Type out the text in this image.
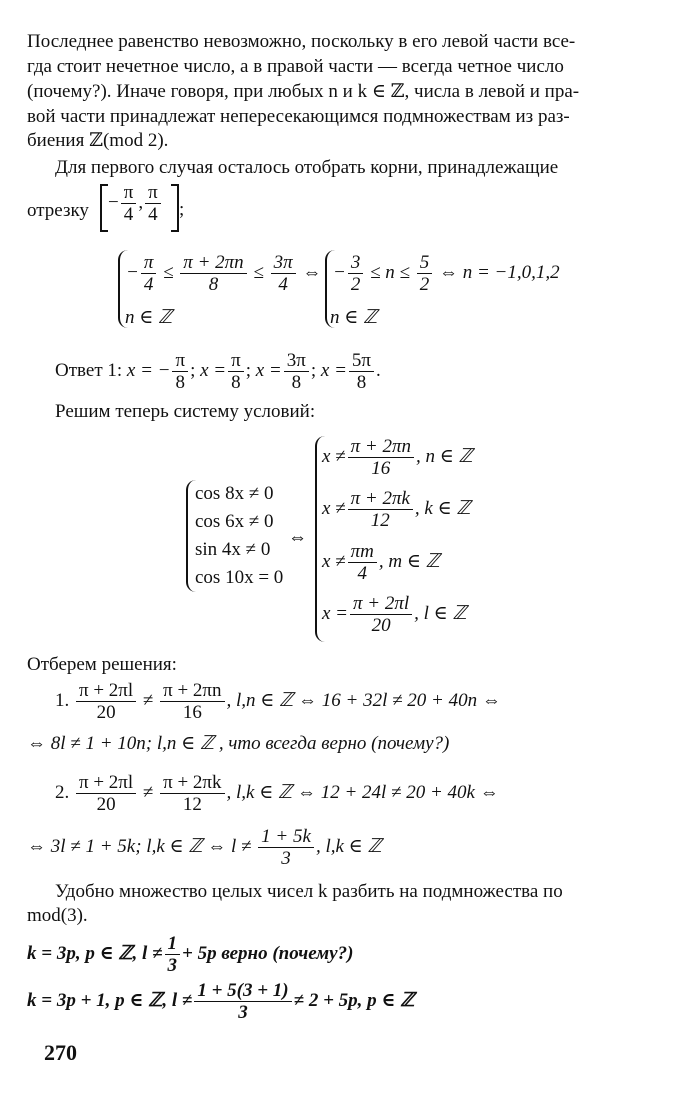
Последнее равенство невозможно, поскольку в его левой части все-
гда стоит нечетное число, а в правой части — всегда четное число
(почему?). Иначе говоря, при любых n и k ∈ ℤ, числа в левой и пра-
вой части принадлежат непересекающимся подмножествам из раз-
биения ℤ(mod 2).
Для первого случая осталось отобрать корни, принадлежащие
отрезку − $\frac{\pi}{4}$ , $\frac{\pi}{4}$ ;
− $\frac{\pi}{4} \le \frac{\pi + 2\pi n}{8} \le \frac{3\pi}{4}$ ⇔
n ∈ ℤ
− $\frac{3}{2} \le n \le \frac{5}{2}$ ⇔ n = −1,0,1,2
n ∈ ℤ
Ответ 1: x = − $\frac{\pi}{8}$ ; $x = \frac{\pi}{8}$ ; $x = \frac{3\pi}{8}$ ; $x = \frac{5\pi}{8}$ .
Решим теперь систему условий:
cos 8x ≠ 0
cos 6x ≠ 0
sin 4x ≠ 0
cos 10x = 0
⇔
$x \ne \frac{\pi + 2\pi n}{16}$ , n ∈ ℤ
$x \ne \frac{\pi + 2\pi k}{12}$ , k ∈ ℤ
$x \ne \frac{\pi m}{4}$ , m ∈ ℤ
$x = \frac{\pi + 2\pi l}{20}$ , l ∈ ℤ
Отберем решения:
1. $\frac{\pi + 2\pi l}{20} \ne \frac{\pi + 2\pi n}{16}$ , l,n ∈ ℤ ⇔ 16 + 32l ≠ 20 + 40n ⇔
⇔ 8l ≠ 1 + 10n; l,n ∈ ℤ , что всегда верно (почему?)
2. $\frac{\pi + 2\pi l}{20} \ne \frac{\pi + 2\pi k}{12}$ , l,k ∈ ℤ ⇔ 12 + 24l ≠ 20 + 40k ⇔
⇔ 3l ≠ 1 + 5k; l,k ∈ ℤ ⇔ $l \ne \frac{1 + 5k}{3}$ , l,k ∈ ℤ
Удобно множество целых чисел k разбить на подмножества по
mod(3).
k = 3p, p ∈ ℤ, $l \ne \frac{1}{3} + 5p$ верно (почему?)
k = 3p + 1, p ∈ ℤ, $l \ne \frac{1 + 5(3 + 1)}{3} \ne 2 + 5p$, p ∈ ℤ
270
